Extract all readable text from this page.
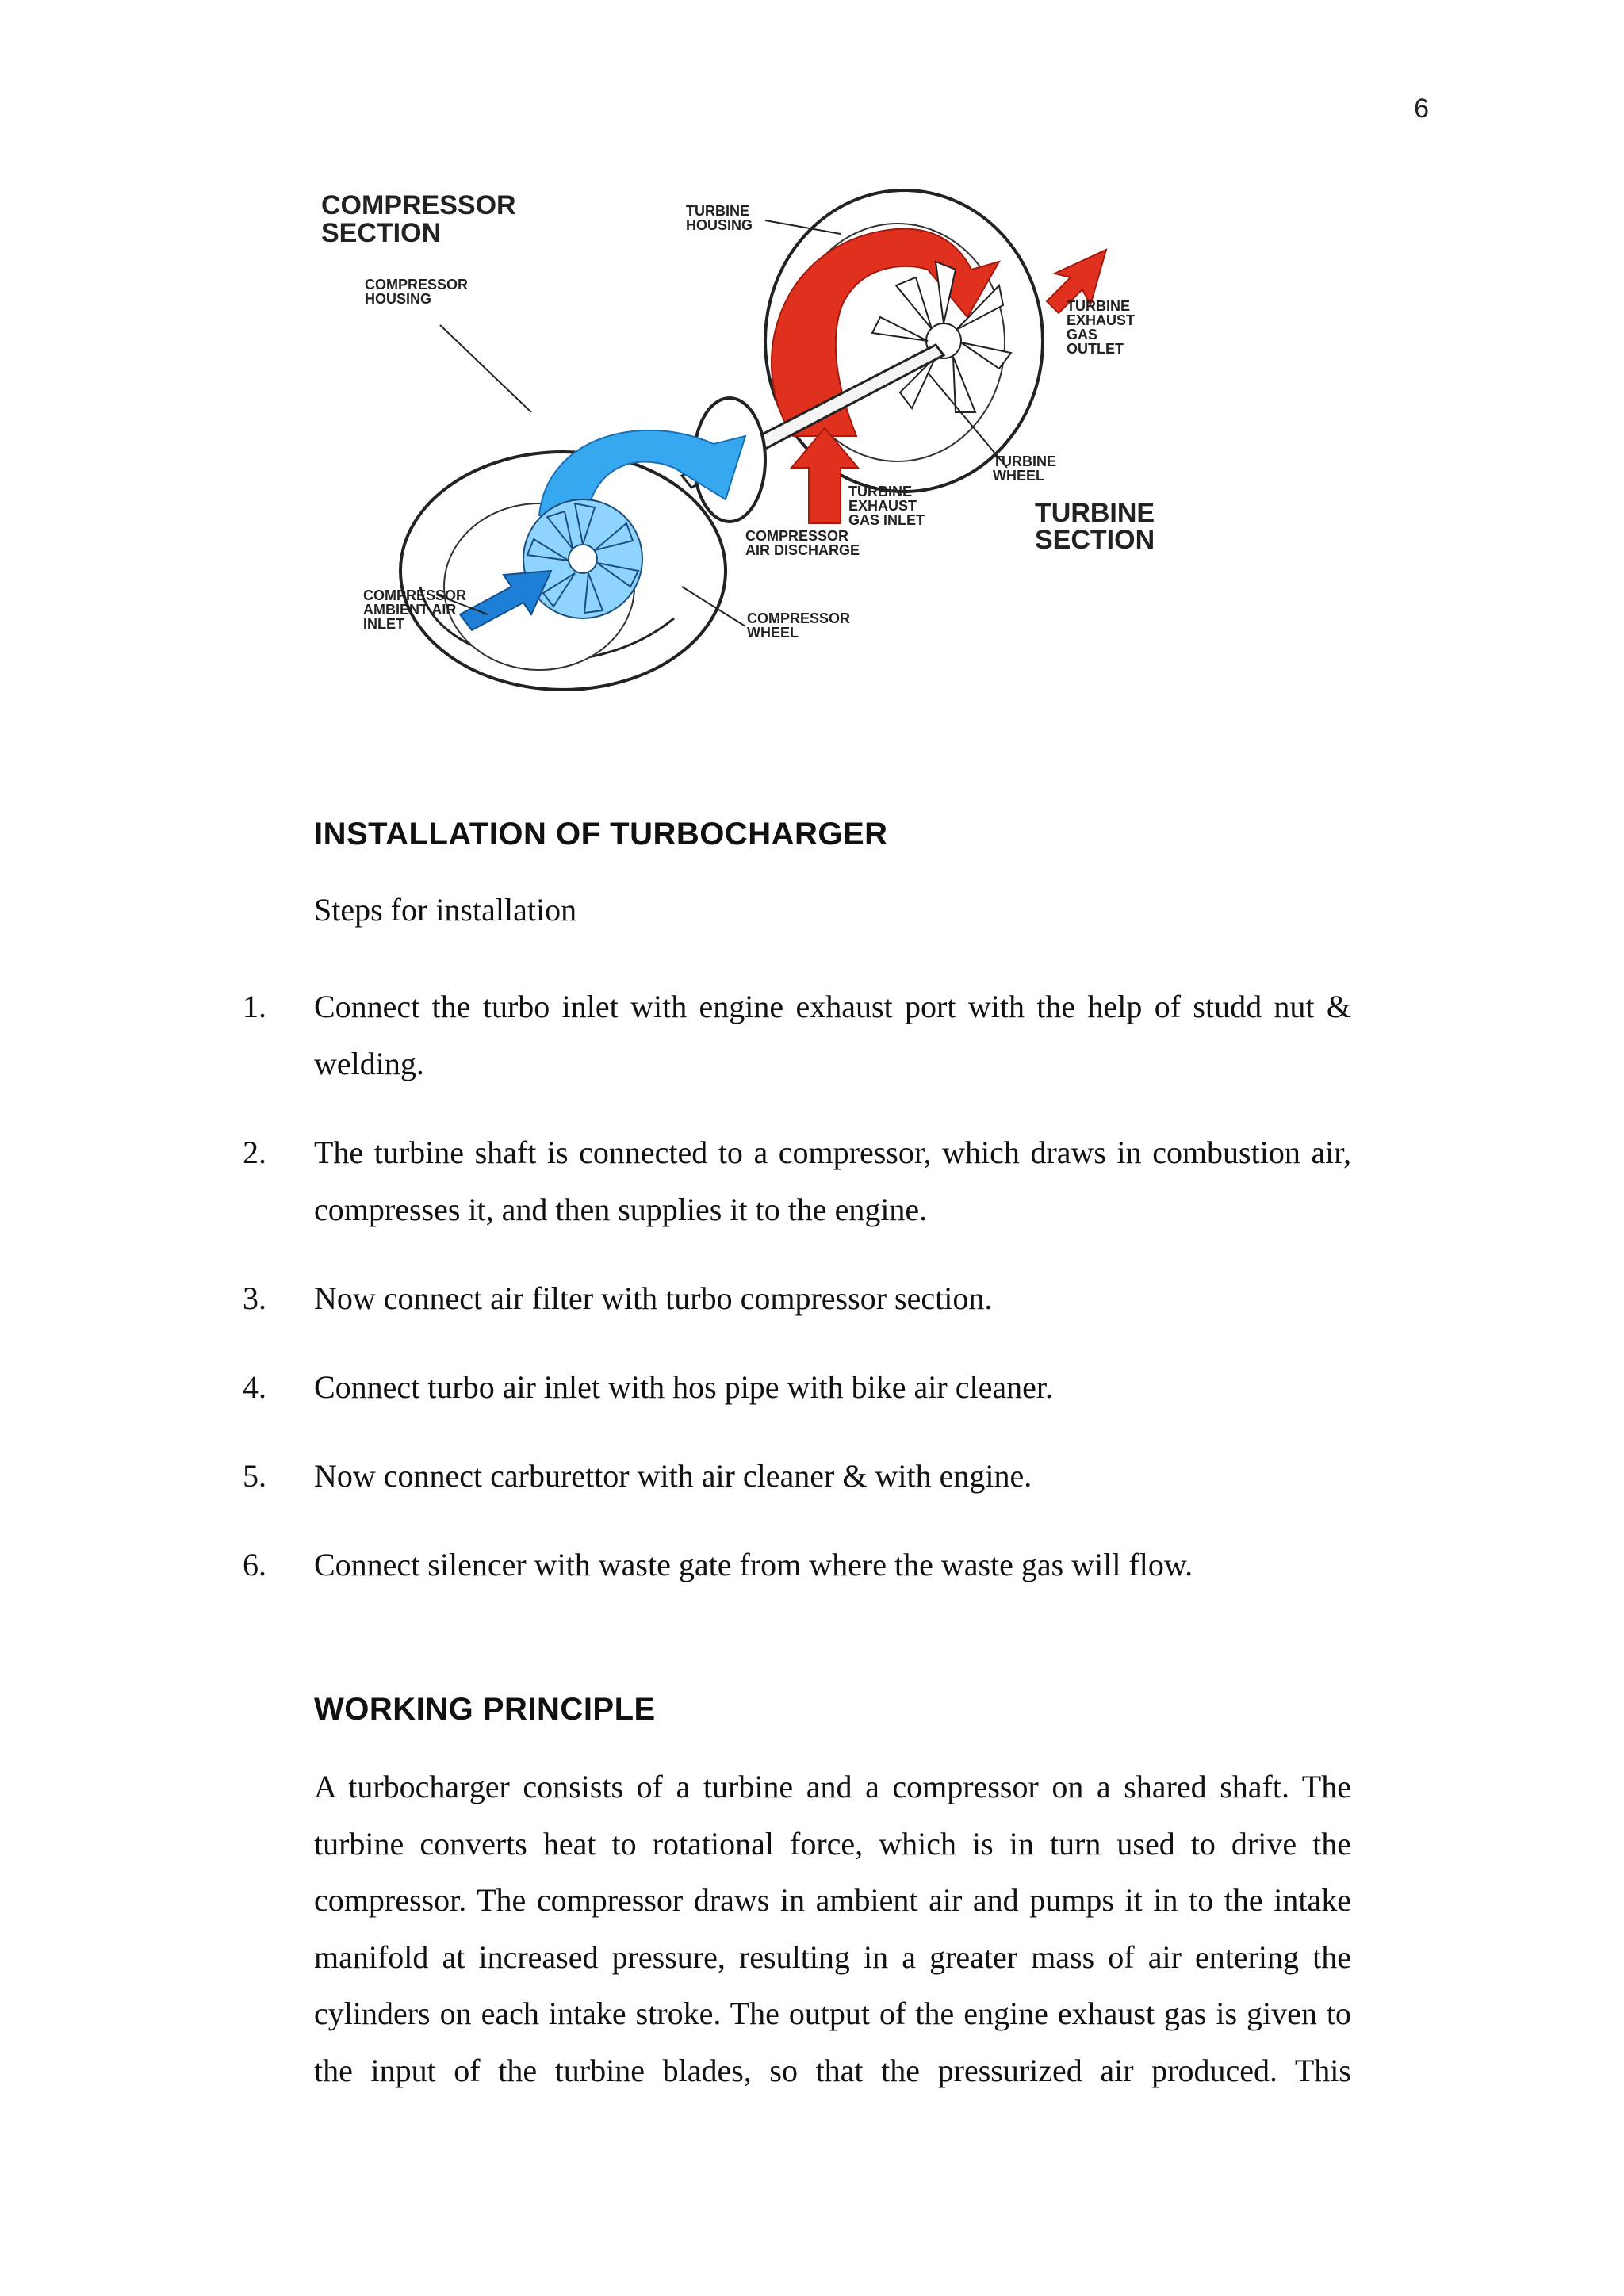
6
COMPRESSOR SECTION
COMPRESSOR HOUSING
TURBINE HOUSING
TURBINE EXHAUST GAS OUTLET
TURBINE WHEEL
TURBINE EXHAUST GAS INLET	TURBINE SECTION
COMPRESSOR AIR DISCHARGE
COMPRESSOR AMBIENT AIR INLET	COMPRESSOR WHEEL
INSTALLATION OF TURBOCHARGER
Steps for installation
1. Connect the turbo inlet with engine exhaust port with the help of studd nut & welding.
2. The turbine shaft is connected to a compressor, which draws in combustion air, compresses it, and then supplies it to the engine.
3. Now connect air filter with turbo compressor section.
4. Connect turbo air inlet with hos pipe with bike air cleaner.
5. Now connect carburettor with air cleaner & with engine.
6. Connect silencer with waste gate from where the waste gas will flow.
WORKING PRINCIPLE
A turbocharger consists of a turbine and a compressor on a shared shaft. The turbine converts heat to rotational force, which is in turn used to drive the compressor. The compressor draws in ambient air and pumps it in to the intake manifold at increased pressure, resulting in a greater mass of air entering the cylinders on each intake stroke. The output of the engine exhaust gas is given to the input of the turbine blades, so that the pressurized air produced. This
